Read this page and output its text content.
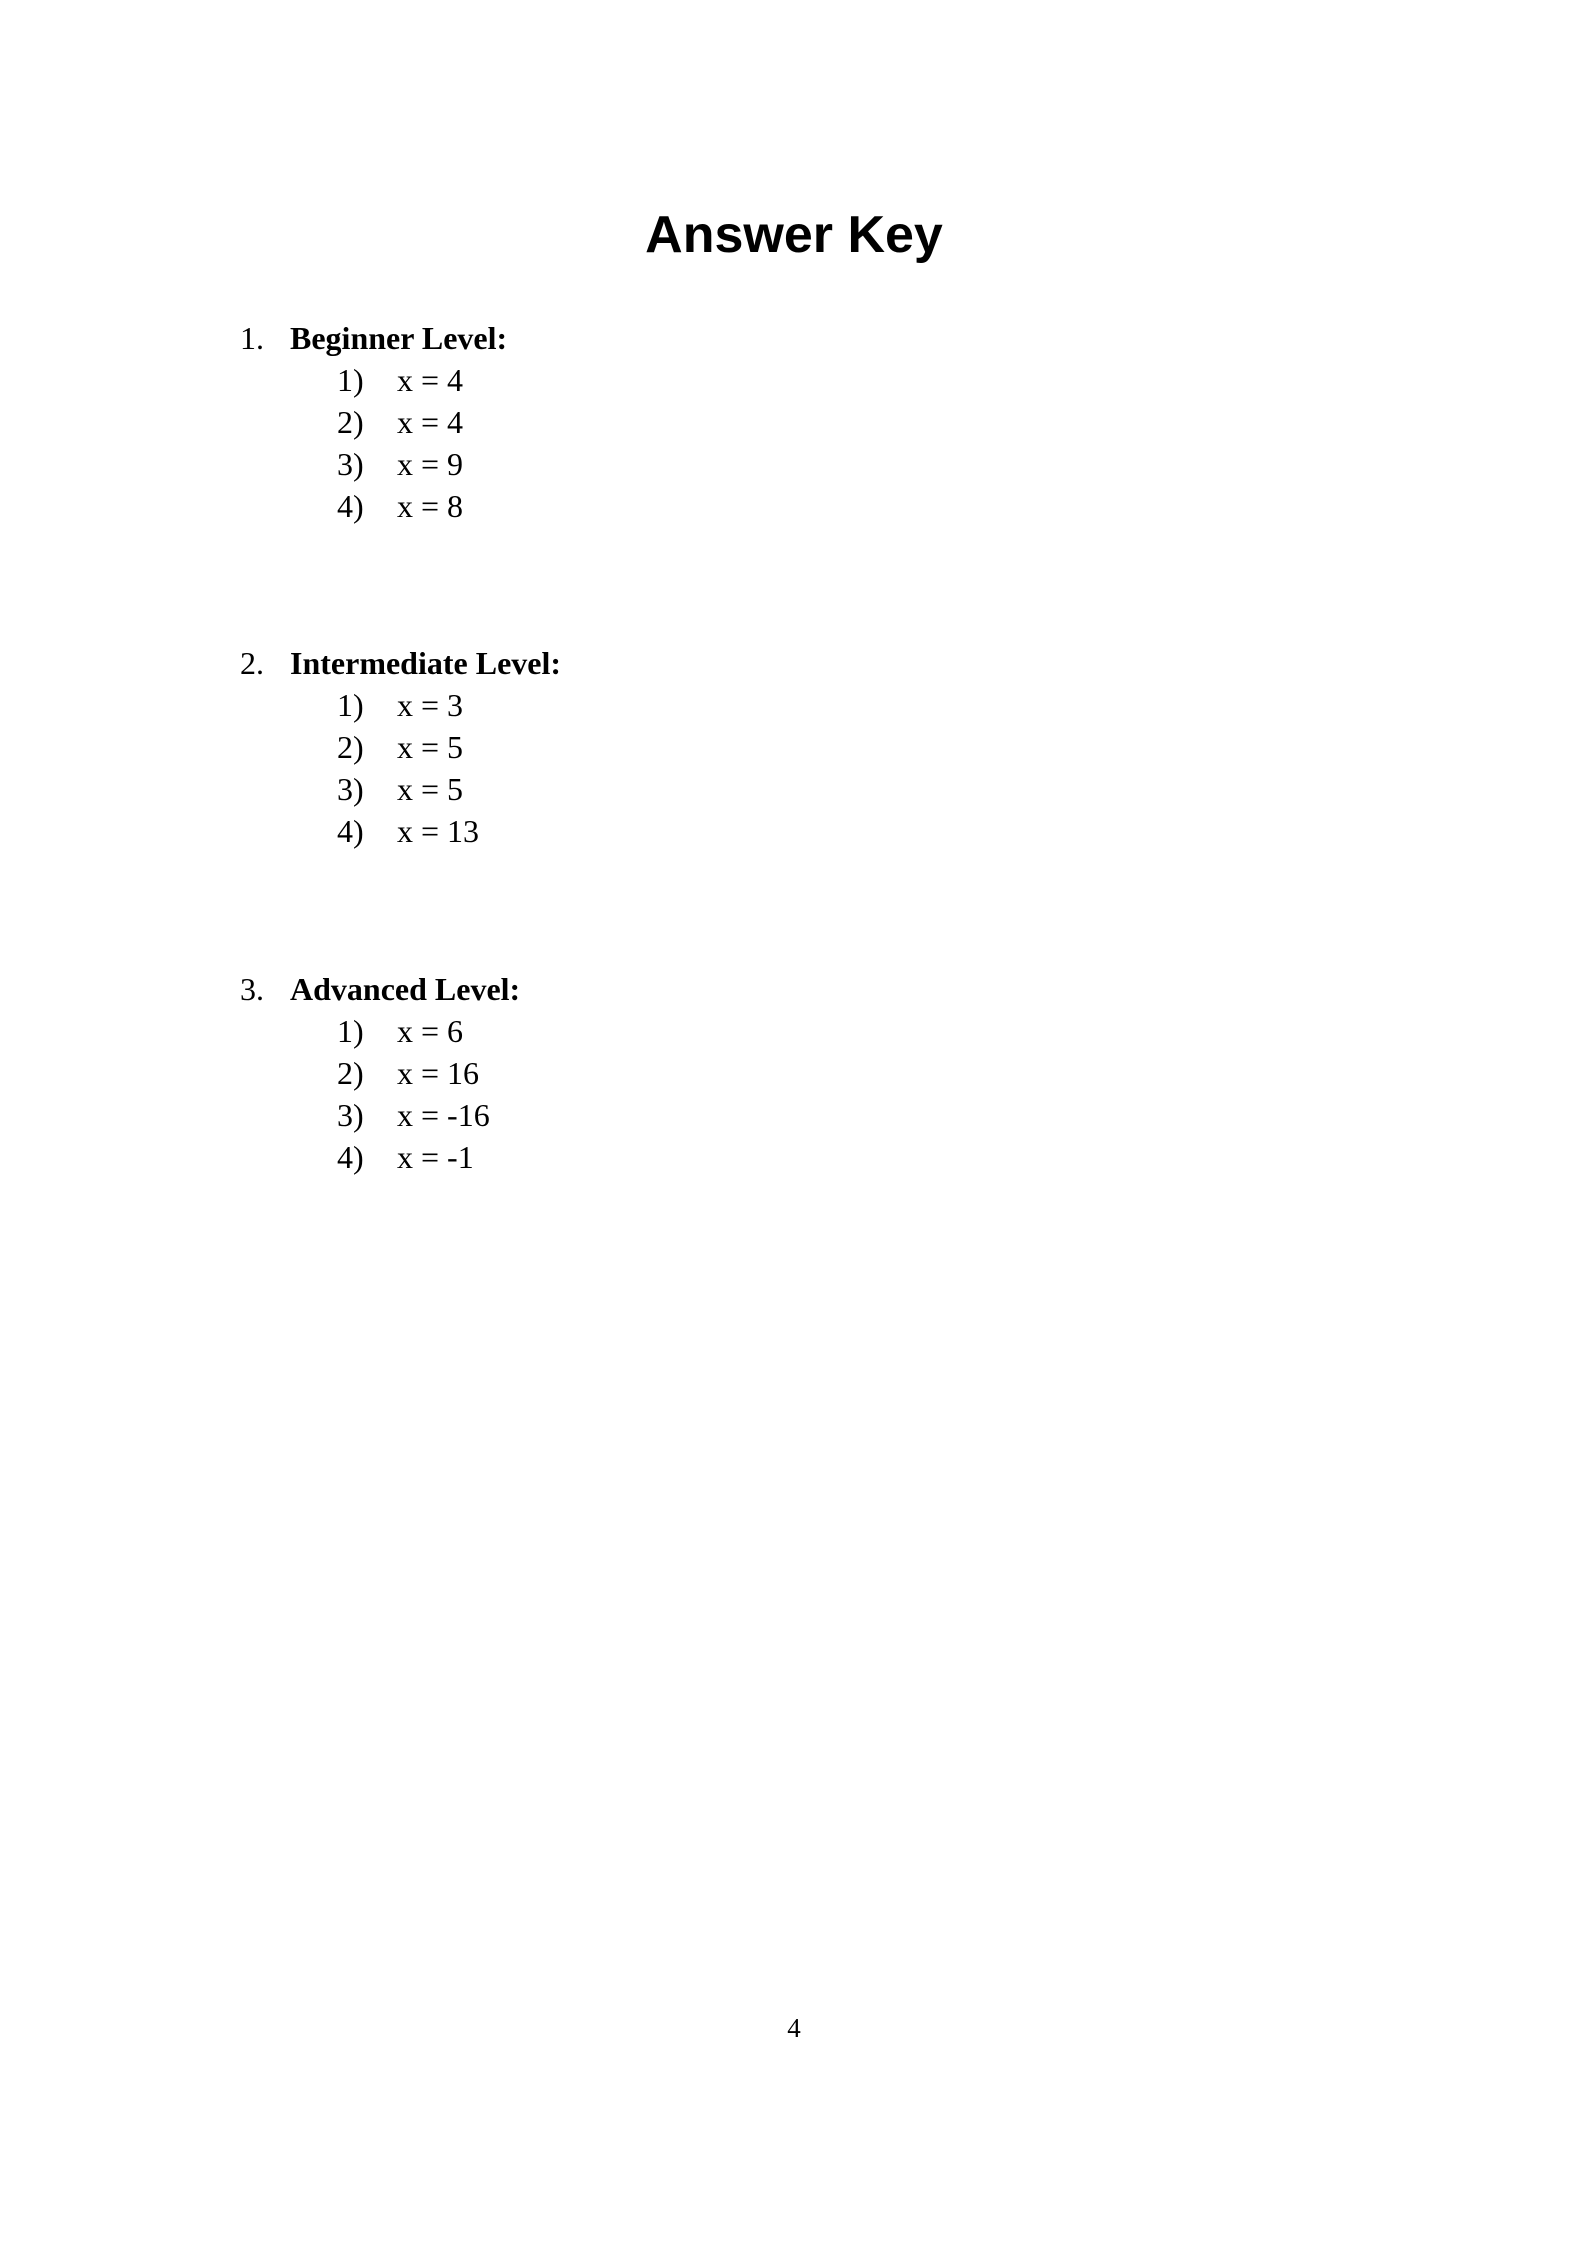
Answer Key
1. Beginner Level:
1) x = 4
2) x = 4
3) x = 9
4) x = 8
2. Intermediate Level:
1) x = 3
2) x = 5
3) x = 5
4) x = 13
3. Advanced Level:
1) x = 6
2) x = 16
3) x = -16
4) x = -1
4
